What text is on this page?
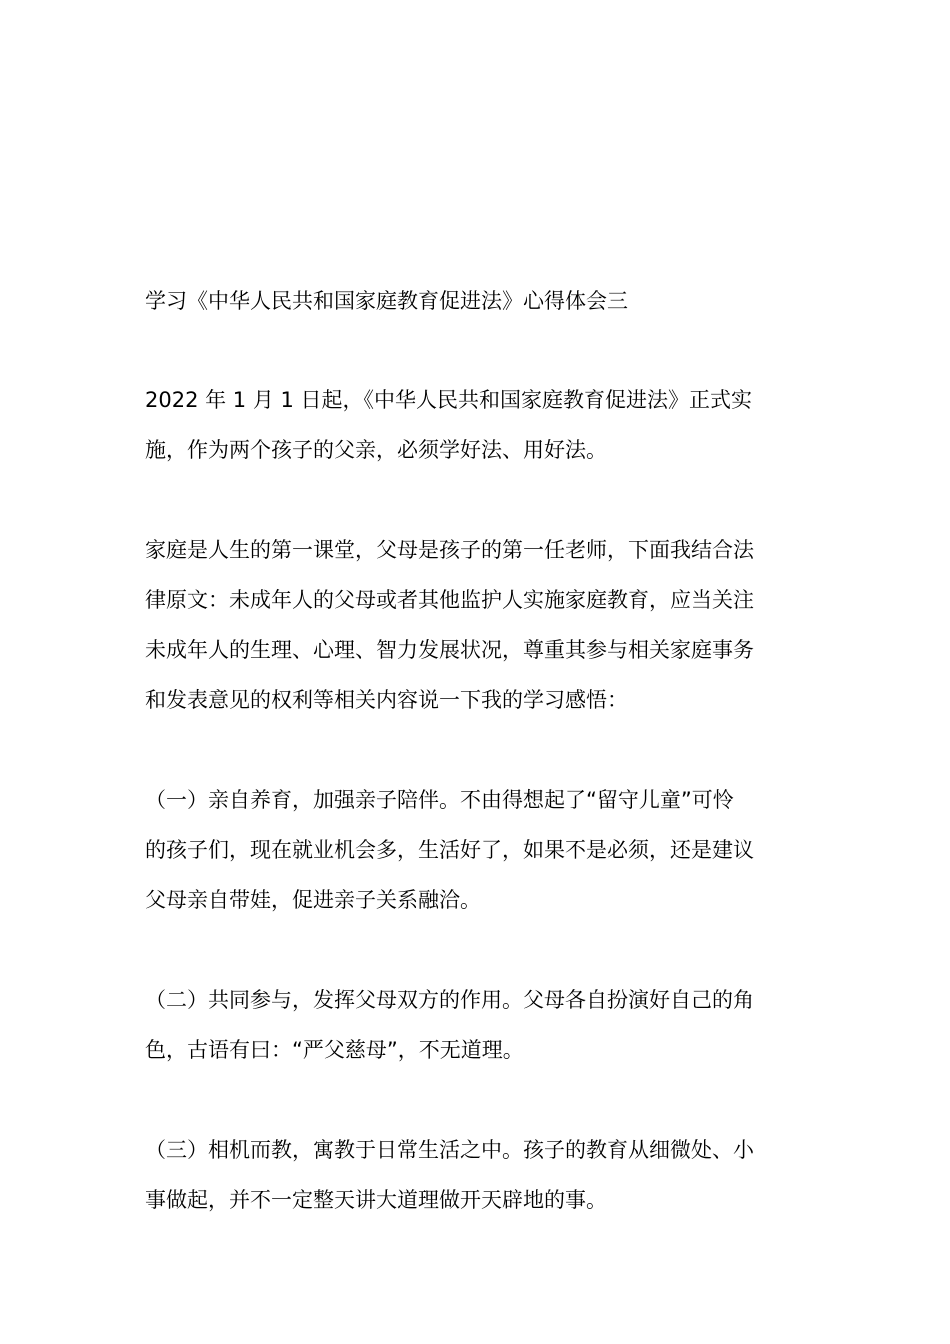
学习《中华人民共和国家庭教育促进法》心得体会三
2022 年 1 月 1 日起，《中华人民共和国家庭教育促进法》正式实
施，作为两个孩子的父亲，必须学好法、用好法。
家庭是人生的第一课堂，父母是孩子的第一任老师，下面我结合法
律原文：未成年人的父母或者其他监护人实施家庭教育，应当关注
未成年人的生理、心理、智力发展状况，尊重其参与相关家庭事务
和发表意见的权利等相关内容说一下我的学习感悟：
（一）亲自养育，加强亲子陪伴。不由得想起了“留守儿童”可怜
的孩子们，现在就业机会多，生活好了，如果不是必须，还是建议
父母亲自带娃，促进亲子关系融洽。
（二）共同参与，发挥父母双方的作用。父母各自扮演好自己的角
色，古语有曰：“严父慈母”，不无道理。
（三）相机而教，寓教于日常生活之中。孩子的教育从细微处、小
事做起，并不一定整天讲大道理做开天辟地的事。
